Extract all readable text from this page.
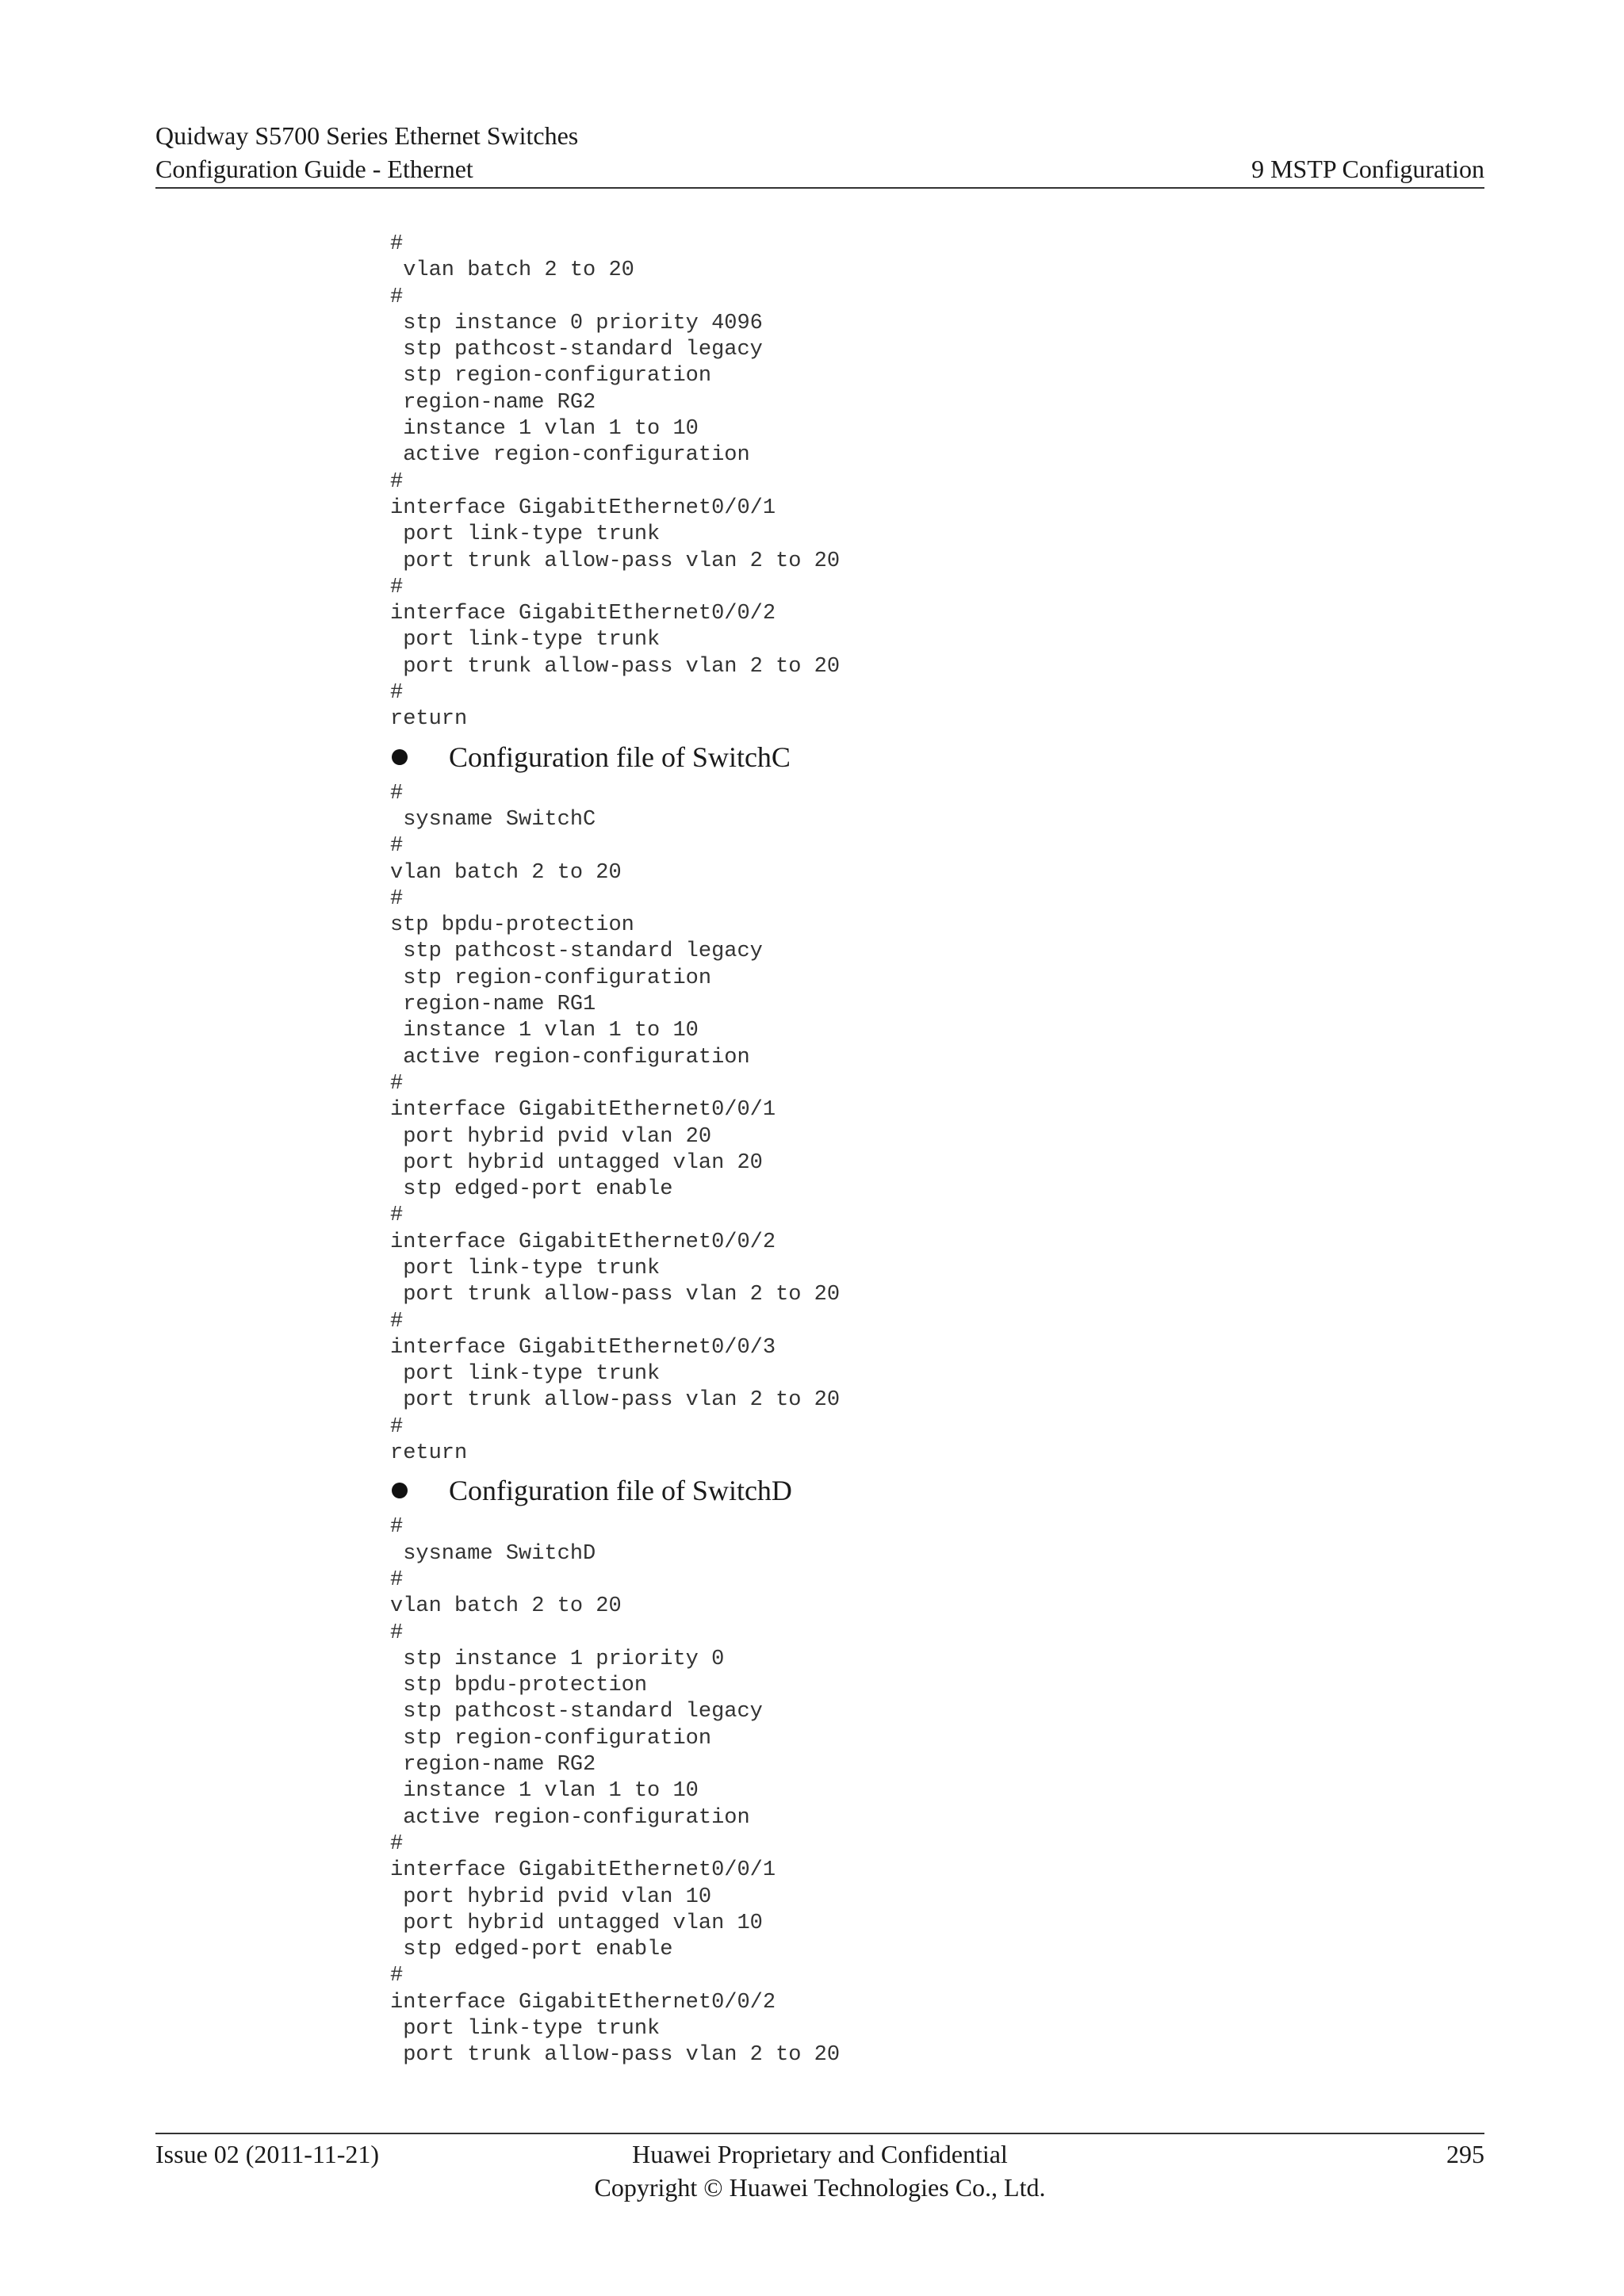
Quidway S5700 Series Ethernet Switches
Configuration Guide - Ethernet	9 MSTP Configuration
#
vlan batch 2 to 20
#
stp instance 0 priority 4096
stp pathcost-standard legacy
stp region-configuration
region-name RG2
instance 1 vlan 1 to 10
active region-configuration
#
interface GigabitEthernet0/0/1
port link-type trunk
port trunk allow-pass vlan 2 to 20
#
interface GigabitEthernet0/0/2
port link-type trunk
port trunk allow-pass vlan 2 to 20
#
return
Configuration file of SwitchC
#
sysname SwitchC
#
vlan batch 2 to 20
#
stp bpdu-protection
stp pathcost-standard legacy
stp region-configuration
region-name RG1
instance 1 vlan 1 to 10
active region-configuration
#
interface GigabitEthernet0/0/1
port hybrid pvid vlan 20
port hybrid untagged vlan 20
stp edged-port enable
#
interface GigabitEthernet0/0/2
port link-type trunk
port trunk allow-pass vlan 2 to 20
#
interface GigabitEthernet0/0/3
port link-type trunk
port trunk allow-pass vlan 2 to 20
#
return
Configuration file of SwitchD
#
sysname SwitchD
#
vlan batch 2 to 20
#
stp instance 1 priority 0
stp bpdu-protection
stp pathcost-standard legacy
stp region-configuration
region-name RG2
instance 1 vlan 1 to 10
active region-configuration
#
interface GigabitEthernet0/0/1
port hybrid pvid vlan 10
port hybrid untagged vlan 10
stp edged-port enable
#
interface GigabitEthernet0/0/2
port link-type trunk
port trunk allow-pass vlan 2 to 20
Issue 02 (2011-11-21)	Huawei Proprietary and Confidential
Copyright © Huawei Technologies Co., Ltd.
295
